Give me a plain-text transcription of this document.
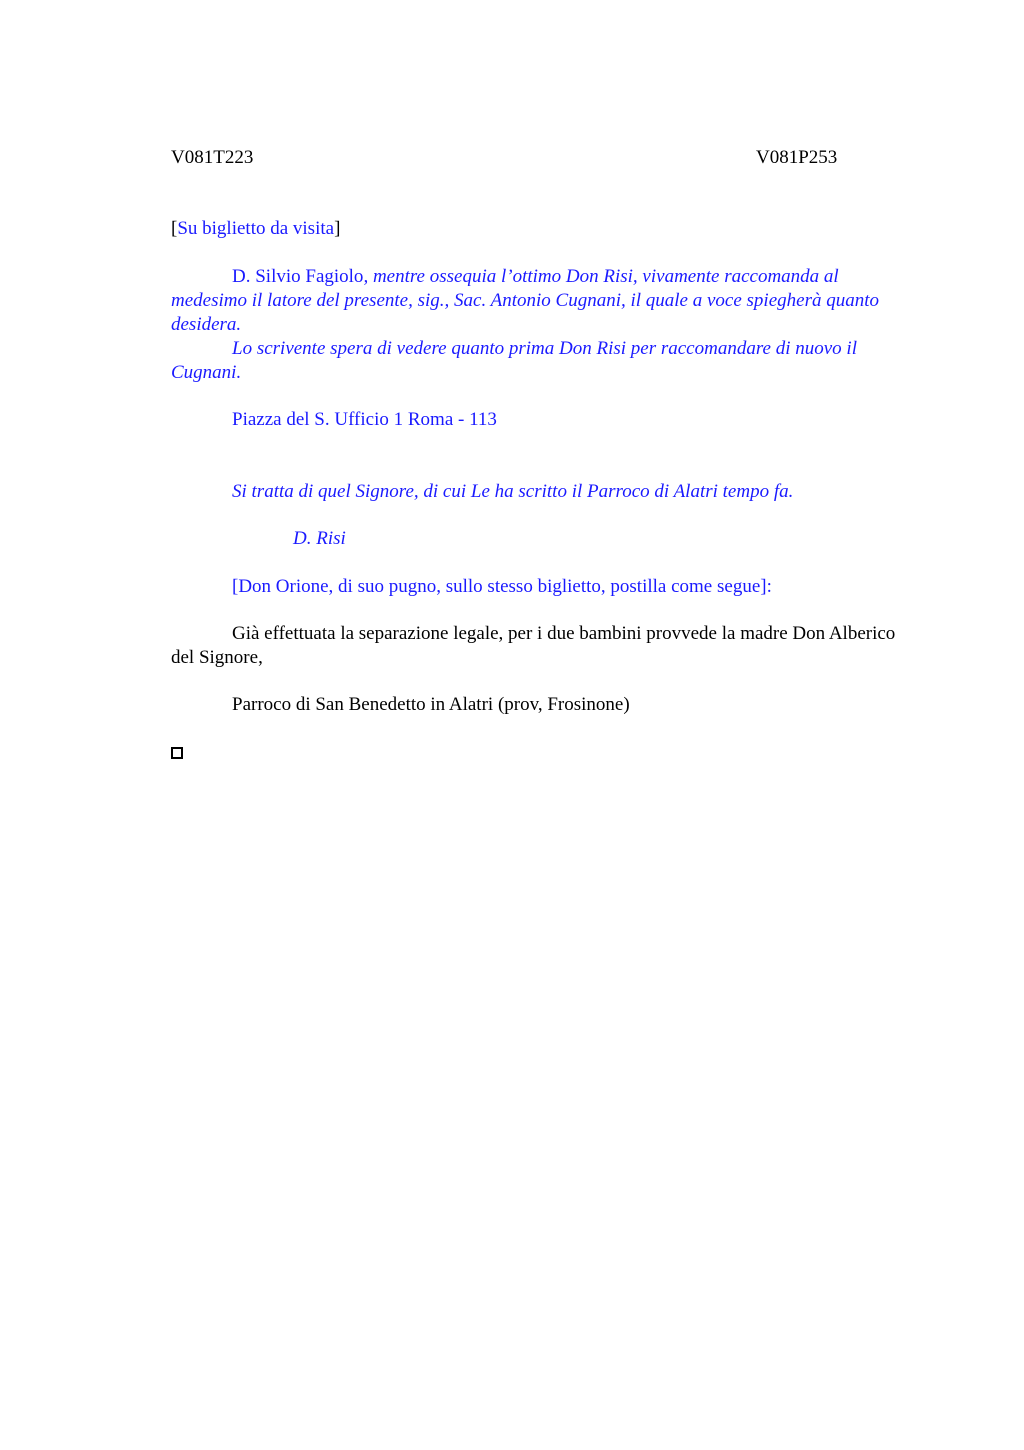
V081T223	V081P253

[Su biglietto da visita]

D. Silvio Fagiolo, mentre ossequia l’ottimo Don Risi, vivamente raccomanda al medesimo il latore del presente, sig., Sac. Antonio Cugnani, il quale a voce spiegherà quanto desidera.

Lo scrivente spera di vedere quanto prima Don Risi per raccomandare di nuovo il Cugnani.

Piazza del S. Ufficio 1 Roma - 113

Si tratta di quel Signore, di cui Le ha scritto il Parroco di Alatri tempo fa.

D. Risi

[Don Orione, di suo pugno, sullo stesso biglietto, postilla come segue]:

Già effettuata la separazione legale, per i due bambini provvede la madre Don Alberico del Signore,

Parroco di San Benedetto in Alatri (prov, Frosinone)
